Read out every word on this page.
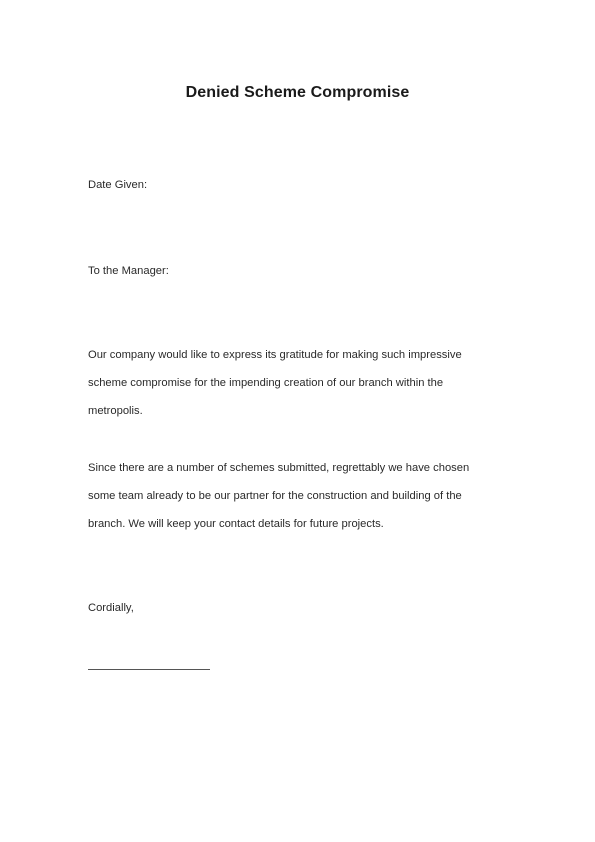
Denied Scheme Compromise
Date Given:
To the Manager:
Our company would like to express its gratitude for making such impressive
scheme compromise for the impending creation of our branch within the
metropolis.
Since there are a number of schemes submitted, regrettably we have chosen
some team already to be our partner for the construction and building of the
branch. We will keep your contact details for future projects.
Cordially,
